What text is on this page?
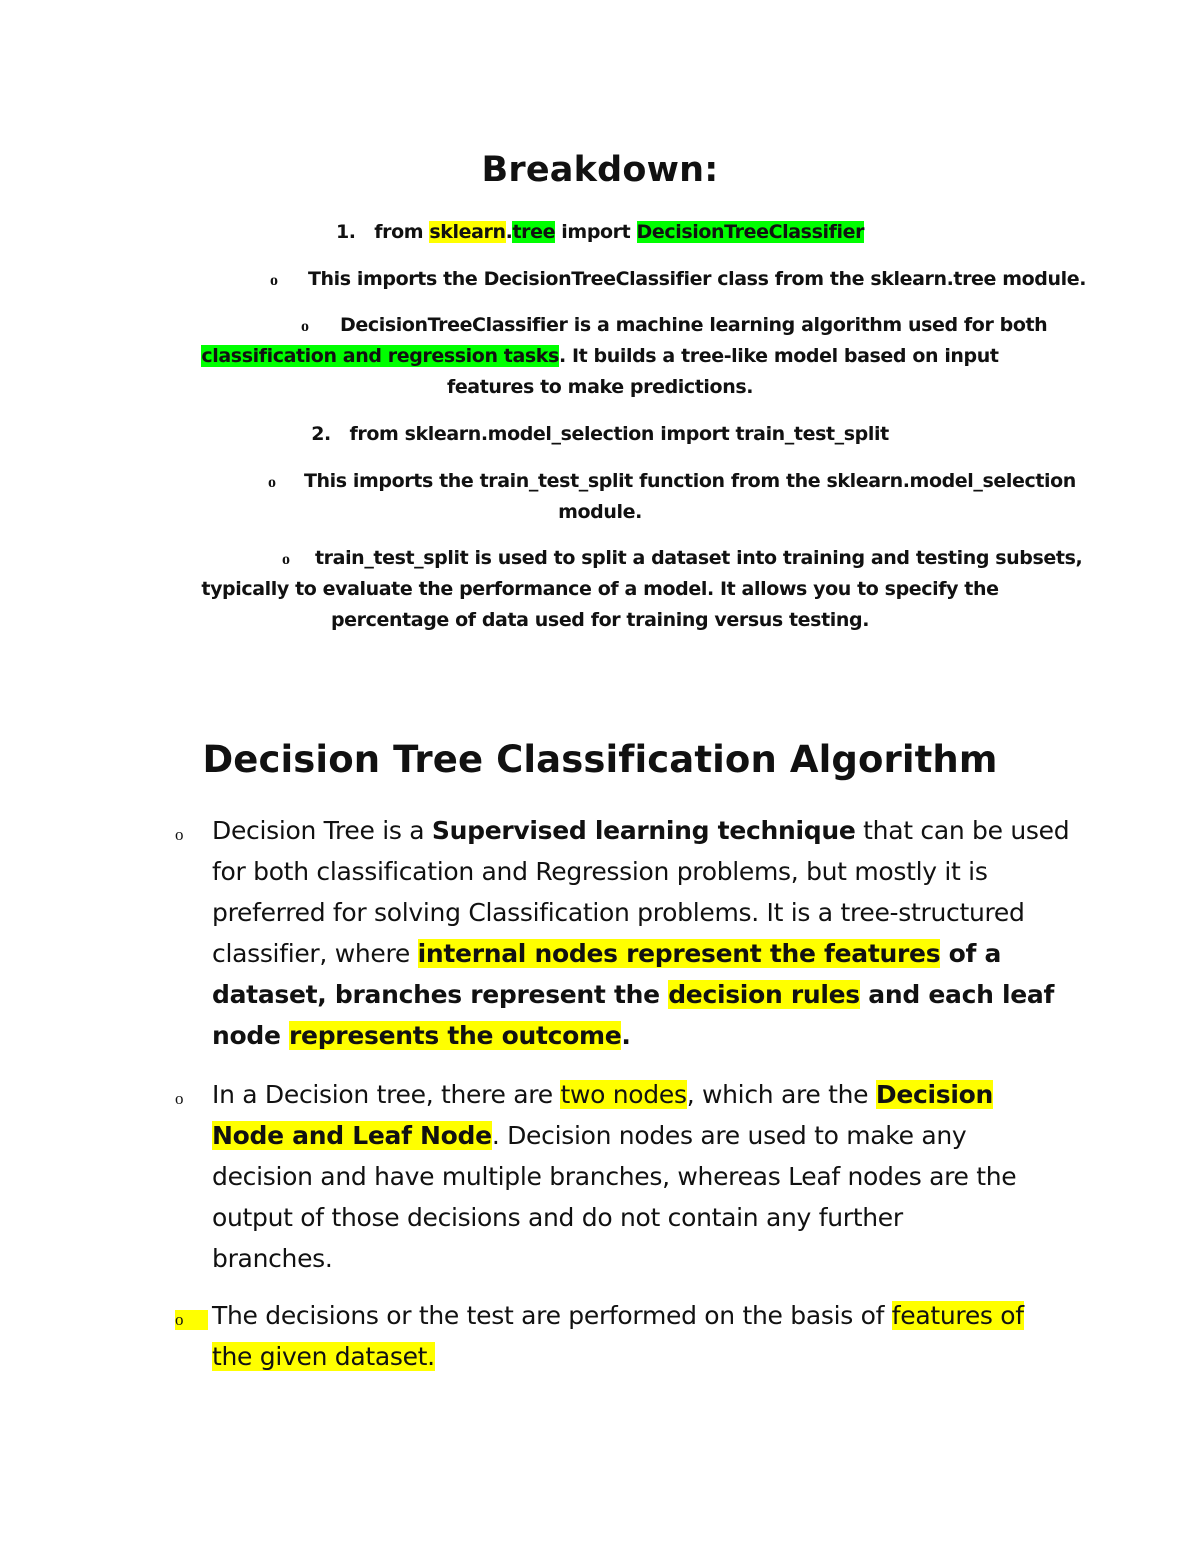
Breakdown:
1. from sklearn.tree import DecisionTreeClassifier
o This imports the DecisionTreeClassifier class from the sklearn.tree module.
o DecisionTreeClassifier is a machine learning algorithm used for both
classification and regression tasks. It builds a tree-like model based on input
features to make predictions.
2. from sklearn.model_selection import train_test_split
o This imports the train_test_split function from the sklearn.model_selection
module.
o train_test_split is used to split a dataset into training and testing subsets,
typically to evaluate the performance of a model. It allows you to specify the
percentage of data used for training versus testing.
Decision Tree Classification Algorithm
o Decision Tree is a Supervised learning technique that can be used
for both classification and Regression problems, but mostly it is
preferred for solving Classification problems. It is a tree-structured
classifier, where internal nodes represent the features of a
dataset, branches represent the decision rules and each leaf
node represents the outcome.
o In a Decision tree, there are two nodes, which are the Decision
Node and Leaf Node. Decision nodes are used to make any
decision and have multiple branches, whereas Leaf nodes are the
output of those decisions and do not contain any further
branches.
o	The decisions or the test are performed on the basis of features of
the given dataset.
